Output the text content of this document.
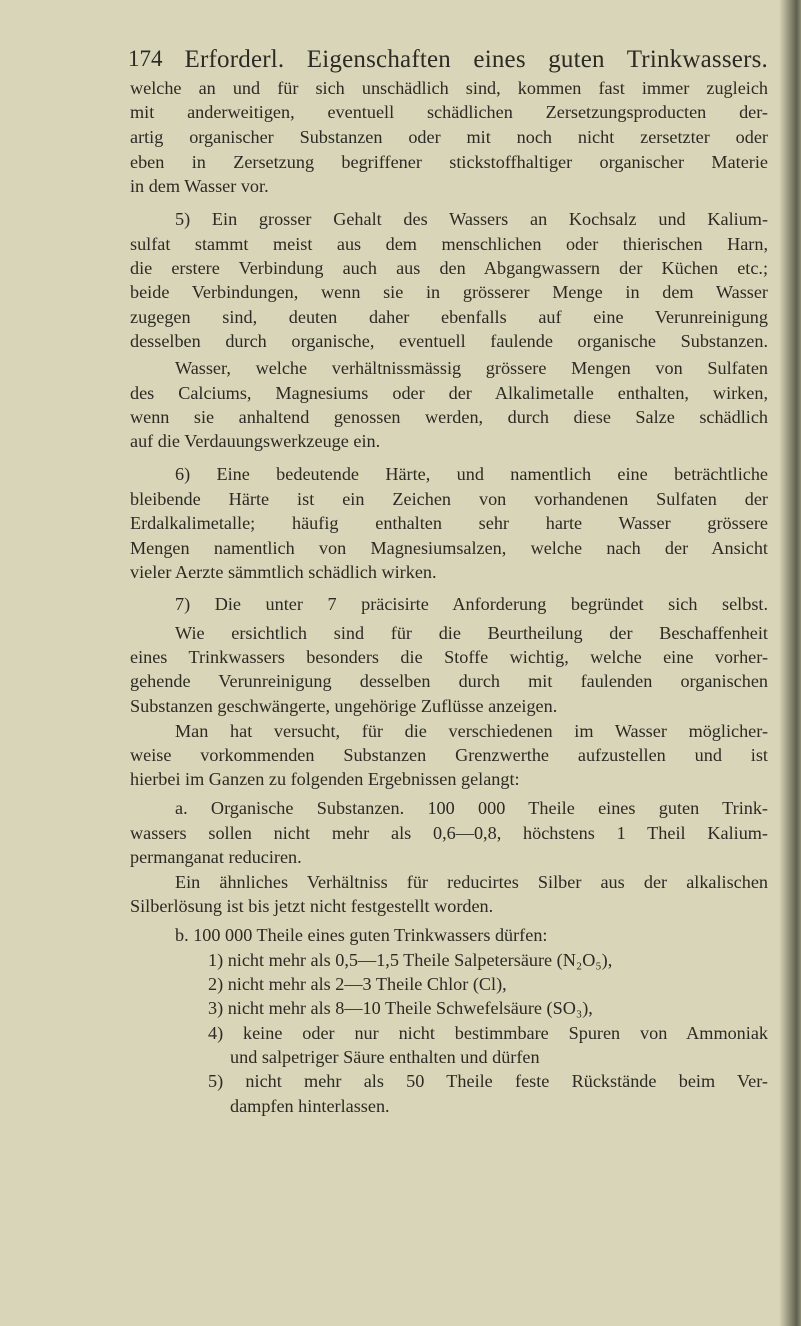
174 Erforderl. Eigenschaften eines guten Trinkwassers.
welche an und für sich unschädlich sind, kommen fast immer zugleich
mit anderweitigen, eventuell schädlichen Zersetzungsproducten der-
artig organischer Substanzen oder mit noch nicht zersetzter oder
eben in Zersetzung begriffener stickstoffhaltiger organischer Materie
in dem Wasser vor.
5) Ein grosser Gehalt des Wassers an Kochsalz und Kalium-
sulfat stammt meist aus dem menschlichen oder thierischen Harn,
die erstere Verbindung auch aus den Abgangwassern der Küchen etc.;
beide Verbindungen, wenn sie in grösserer Menge in dem Wasser
zugegen sind, deuten daher ebenfalls auf eine Verunreinigung
desselben durch organische, eventuell faulende organische Substanzen.
Wasser, welche verhältnissmässig grössere Mengen von Sulfaten
des Calciums, Magnesiums oder der Alkalimetalle enthalten, wirken,
wenn sie anhaltend genossen werden, durch diese Salze schädlich
auf die Verdauungswerkzeuge ein.
6) Eine bedeutende Härte, und namentlich eine beträchtliche
bleibende Härte ist ein Zeichen von vorhandenen Sulfaten der
Erdalkalimetalle; häufig enthalten sehr harte Wasser grössere
Mengen namentlich von Magnesiumsalzen, welche nach der Ansicht
vieler Aerzte sämmtlich schädlich wirken.
7) Die unter 7 präcisirte Anforderung begründet sich selbst.
Wie ersichtlich sind für die Beurtheilung der Beschaffenheit
eines Trinkwassers besonders die Stoffe wichtig, welche eine vorher-
gehende Verunreinigung desselben durch mit faulenden organischen
Substanzen geschwängerte, ungehörige Zuflüsse anzeigen.
Man hat versucht, für die verschiedenen im Wasser möglicher-
weise vorkommenden Substanzen Grenzwerthe aufzustellen und ist
hierbei im Ganzen zu folgenden Ergebnissen gelangt:
a. Organische Substanzen. 100 000 Theile eines guten Trink-
wassers sollen nicht mehr als 0,6—0,8, höchstens 1 Theil Kalium-
permanganat reduciren.
Ein ähnliches Verhältniss für reducirtes Silber aus der alkalischen
Silberlösung ist bis jetzt nicht festgestellt worden.
b. 100 000 Theile eines guten Trinkwassers dürfen:
1) nicht mehr als 0,5—1,5 Theile Salpetersäure (N₂O₅),
2) nicht mehr als 2—3 Theile Chlor (Cl),
3) nicht mehr als 8—10 Theile Schwefelsäure (SO₃),
4) keine oder nur nicht bestimmbare Spuren von Ammoniak
und salpetriger Säure enthalten und dürfen
5) nicht mehr als 50 Theile feste Rückstände beim Ver-
dampfen hinterlassen.
